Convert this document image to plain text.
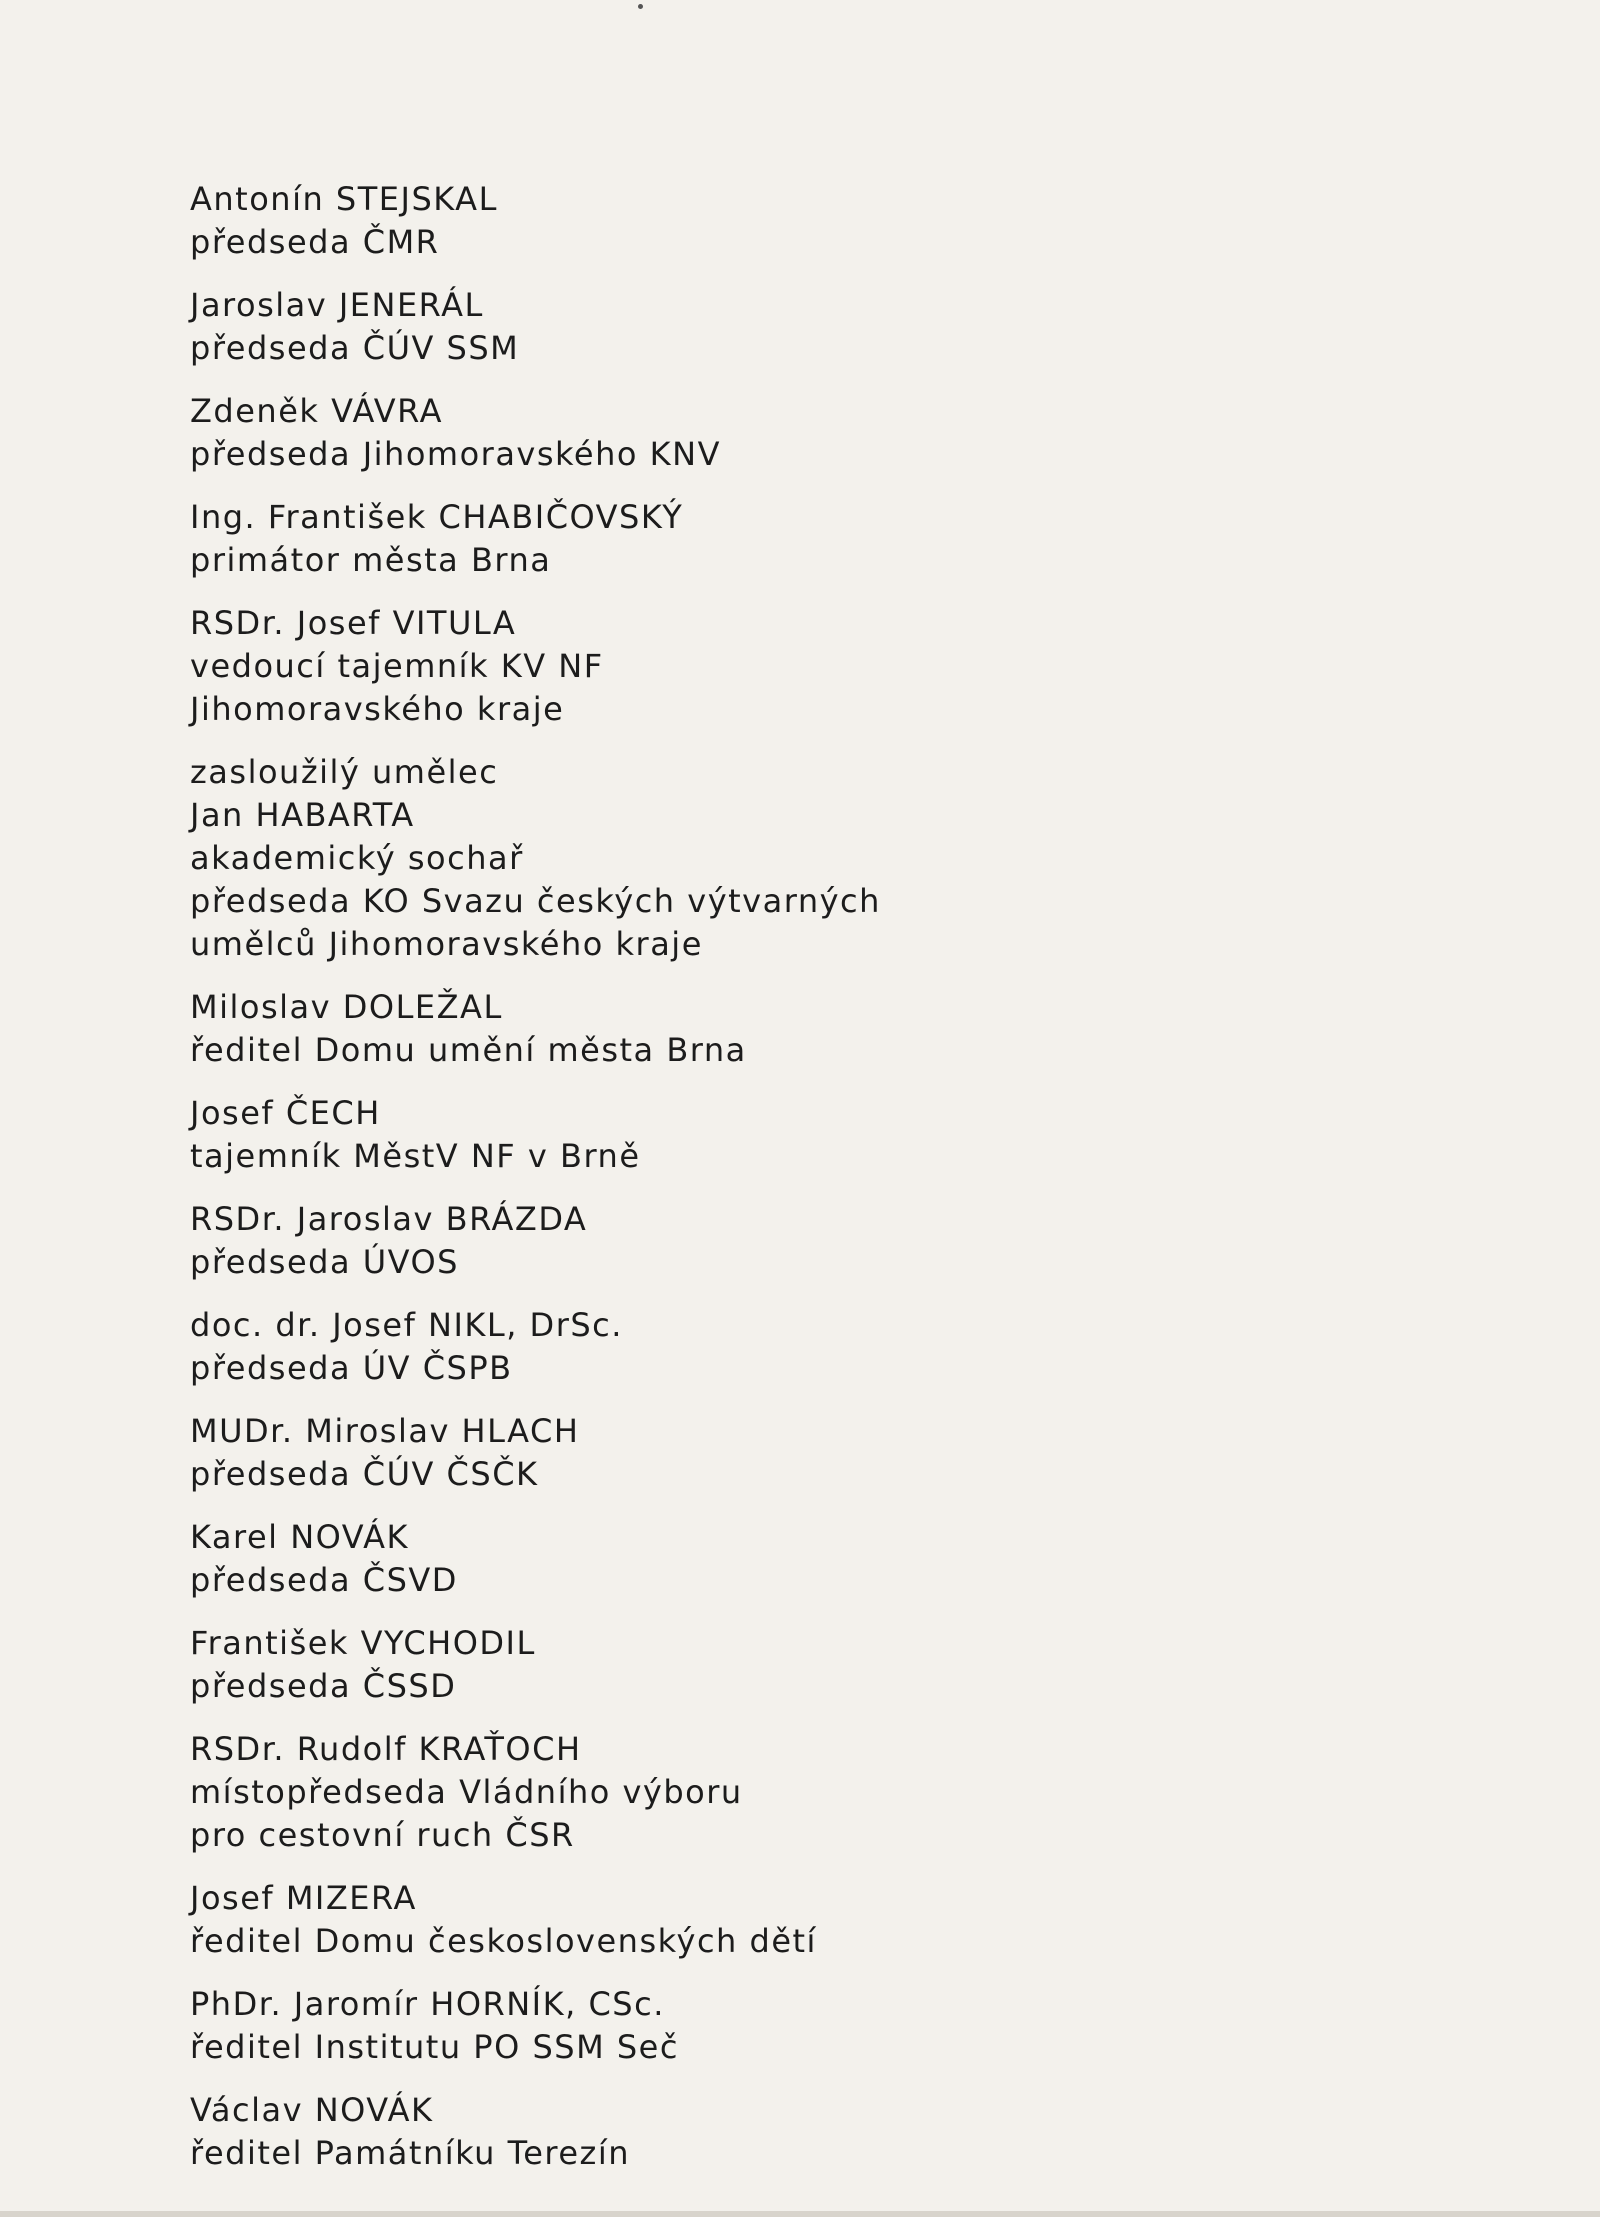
Antonín STEJSKAL
předseda ČMR
Jaroslav JENERÁL
předseda ČÚV SSM
Zdeněk VÁVRA
předseda Jihomoravského KNV
Ing. František CHABIČOVSKÝ
primátor města Brna
RSDr. Josef VITULA
vedoucí tajemník KV NF
Jihomoravského kraje
zasloužilý umělec
Jan HABARTA
akademický sochař
předseda KO Svazu českých výtvarných
umělců Jihomoravského kraje
Miloslav DOLEŽAL
ředitel Domu umění města Brna
Josef ČECH
tajemník MěstV NF v Brně
RSDr. Jaroslav BRÁZDA
předseda ÚVOS
doc. dr. Josef NIKL, DrSc.
předseda ÚV ČSPB
MUDr. Miroslav HLACH
předseda ČÚV ČSČK
Karel NOVÁK
předseda ČSVD
František VYCHODIL
předseda ČSSD
RSDr. Rudolf KRAŤOCH
místopředseda Vládního výboru
pro cestovní ruch ČSR
Josef MIZERA
ředitel Domu československých dětí
PhDr. Jaromír HORNÍK, CSc.
ředitel Institutu PO SSM Seč
Václav NOVÁK
ředitel Památníku Terezín
